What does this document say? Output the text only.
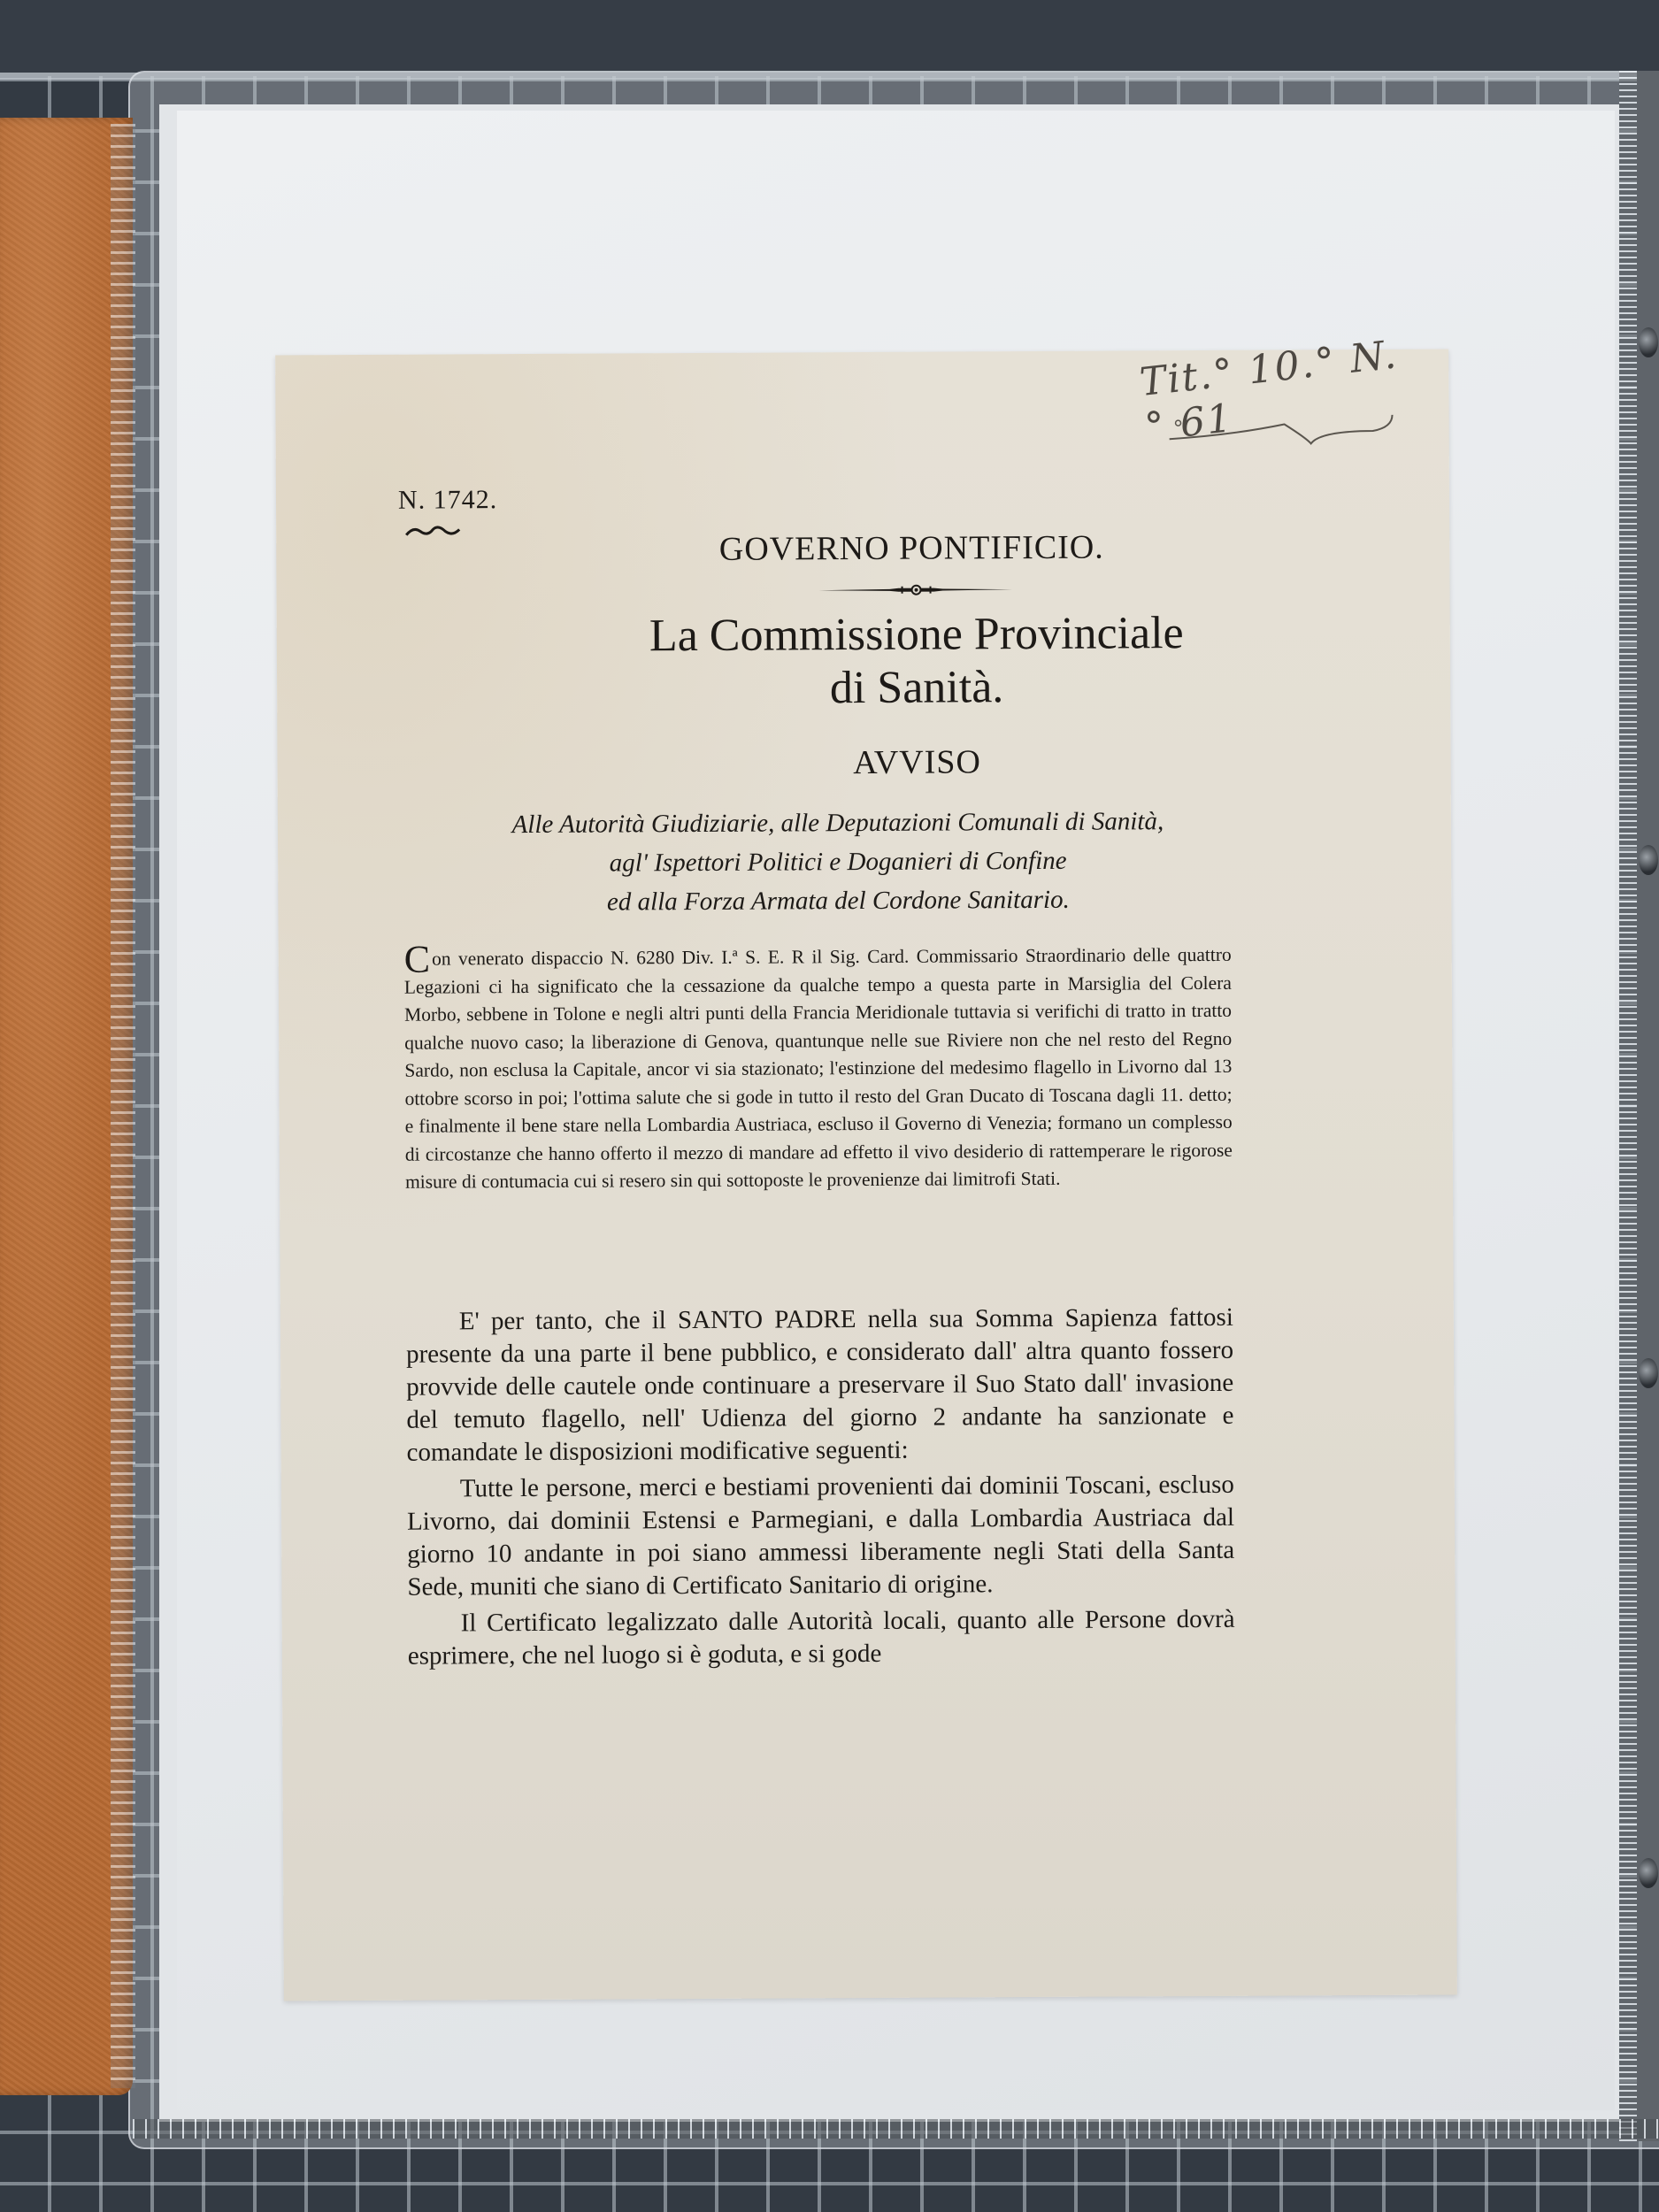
Tit.° 10.° N.° 61
N. 1742.
GOVERNO PONTIFICIO.
La Commissione Provinciale
di Sanità.
AVVISO
Alle Autorità Giudiziarie, alle Deputazioni Comunali di Sanità,
agl' Ispettori Politici e Doganieri di Confine
ed alla Forza Armata del Cordone Sanitario.
Con venerato dispaccio N. 6280 Div. I.ª S. E. R il Sig. Card. Commissario Straordinario delle quattro Legazioni ci ha significato che la cessazione da qualche tempo a questa parte in Marsiglia del Colera Morbo, sebbene in Tolone e negli altri punti della Francia Meridionale tuttavia si verifichi di tratto in tratto qualche nuovo caso; la liberazione di Genova, quantunque nelle sue Riviere non che nel resto del Regno Sardo, non esclusa la Capitale, ancor vi sia stazionato; l'estinzione del medesimo flagello in Livorno dal 13 ottobre scorso in poi; l'ottima salute che si gode in tutto il resto del Gran Ducato di Toscana dagli 11. detto; e finalmente il bene stare nella Lombardia Austriaca, escluso il Governo di Venezia; formano un complesso di circostanze che hanno offerto il mezzo di mandare ad effetto il vivo desiderio di rattemperare le rigorose misure di contumacia cui si resero sin qui sottoposte le provenienze dai limitrofi Stati.

E' per tanto, che il SANTO PADRE nella sua Somma Sapienza fattosi presente da una parte il bene pubblico, e considerato dall' altra quanto fossero provvide delle cautele onde continuare a preservare il Suo Stato dall' invasione del temuto flagello, nell' Udienza del giorno 2 andante ha sanzionate e comandate le disposizioni modificative seguenti:

Tutte le persone, merci e bestiami provenienti dai dominii Toscani, escluso Livorno, dai dominii Estensi e Parmegiani, e dalla Lombardia Austriaca dal giorno 10 andante in poi siano ammessi liberamente negli Stati della Santa Sede, muniti che siano di Certificato Sanitario di origine.

Il Certificato legalizzato dalle Autorità locali, quanto alle Persone dovrà esprimere, che nel luogo si è goduta, e si gode
